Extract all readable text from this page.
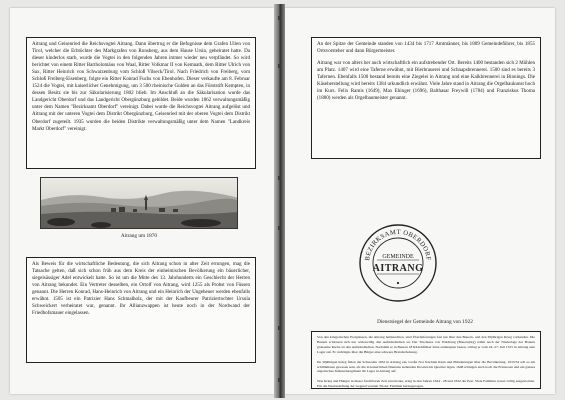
Aitrang und Geisenried die Reichsvogtei Aitrang. Dann übertrug er die Befugnisse dem Grafen Ulien von Tirol, welcher die Erbtöchter des Markgrafen von Ronsberg, aus dem Hause Ursin, geheiratet hatte. Da dieser kinderlos starb, wurde die Vogtei in den folgenden Jahren immer wieder neu verpfändet. So wird berichtet von einem Ritter Bartholomäus von Waal, Ritter Volkmar II von Kemnath, dem Ritter Ulrich von Sax, Ritter Heinrich von Schwarzenburg vom Schloß Vilseck/Tirol. Nach Friedrich von Freiberg, vom Schloß Freiberg-Eisenberg, folgte ein Ritter Konrad Fuchs von Ebenhofen. Dieser verkaufte am 8. Februar 1524 die Vogtei, mit kaiserlicher Genehmigung, um 3 500 rheinische Gulden an das Fürststift Kempten, in dessen Besitz sie bis zur Säkularisierung 1802 blieb. Im Anschluß an die Säkularisation wurde das Landgericht Oberdorf und das Landgericht Obergünzburg gebildet. Beide wurden 1862 verwaltungsmäßig unter dem Namen "Bezirksamt Oberdorf" vereinigt. Dabei wurde die Reichsvogtei Aitrang aufgelöst und Aitrang mit der unteren Vogtei dem Distrikt Obergünzburg, Geisenried mit der oberen Vogtei dem Distrikt Oberdorf zugeteilt. 1935 wurden die beiden Distrikte verwaltungsmäßig unter dem Namen "Landkreis Markt Oberdorf" vereinigt.

Aitrang um 1870

Als Beweis für die wirtschaftliche Bedeutung, die sich Aitrang schon in alter Zeit errungen, mag die Tatsache gelten, daß sich schon früh aus dem Kreis der einheimischen Bevölkerung ein bäuerlicher, siegelsässiger Adel entwickelt hatte. So ist um die Mitte des 13. Jahrhunderts ein Geschlecht der Herren von Aitrang bekundet. Ein Vertreter desselben, ein Ortolf von Aitrang, wird 1255 als Probst von Füssen genannt. Die Herren Konrad, Hans-Heinrich von Aitrang und ein Heinrich der Ungeheuer werden ebenfalls erwähnt. 1505 ist ein Patrizier Hans Schmalholz, der mit der Kaufbeurer Patriziertochter Ursula Schweickert verheiratet war, genannt. Ihr Allianzwappen ist heute noch in der Nordwand der Friedhofsmauer eingelassen.

An der Spitze der Gemeinde standen von 1434 bis 1717 Amtmänner, bis 1809 Gemeindeführer, bis 1855 Ortsvorsteher und dann Bürgermeister.

Aitrang war von alters her auch wirtschaftlich ein aufstrebender Ort. Bereits 1400 bestanden sich 2 Mühlen am Platz. 1407 wird eine Taferne erwähnt, mit Bierbrauerei und Schnapsbrennerei. 1500 sind es bereits 3 Tafernen. Ebenfalls 1500 bestand bereits eine Ziegelei in Aitrang und eine Kalkbrennerei in Binnings. Die Käseherstellung wird bereits 1384 urkundlich erwähnt. Viele Jahre stand in Aitrang die Orgelbaukunst hoch im Kurs. Felix Ramis (1649), Max Ehinger (1696), Balthasar Freywill (1784) und Franziskus Thoma (1800) werden als Orgelbaumeister genannt.

BEZIRKSAMT OBERDORF
GEMEINDE
AITRANG
Dienstsiegel der Gemeinde Aitrang von 1922

Von den kriegerischen Ereignissen, die Aitrang heimsuchten, sind Überlieferungen fast nur über den Bauern- und den 30jährigen Krieg vorhanden. Die Bauern schlossen sich nur widerwillig den Aufständischen an. Der Truchsess von Waldburg (Bauernjörg) nahm nach der Niederlage der Bauern grausame Rache an den Aufständischen. Nachdem er in Beuren 18 Rädelsführer hatte enthaupten lassen, schlug er vom 24.-27. Juli 1525 in Aitrang sein Lager auf. Er verhängte über die Bürger eine schwere Brandschatzung.

Im 30jährigen Krieg fielen die Schweden 1632 in Aitrang ein. Große Not brachten Raub und Plünderungen über die Bevölkerung. 1633/34 soll es am schlimmsten gewesen sein, als die in kaiserlichen Diensten stehenden Kroaten im Quartier lagen. 1648 schlugen auch noch die Franzosen und ein ganzes ungarisches Infanterieregiment ihr Lager in Aitrang auf.

Was Krieg und Hunger in dieser furchtbaren Zeit verschonte, erlag in den Jahren 1624 - 28 und 1632 der Pest. Viele Familien waren völlig ausgestorben. Für die Neubesiedlung der Gegend wurden Tiroler Familien herangezogen.
